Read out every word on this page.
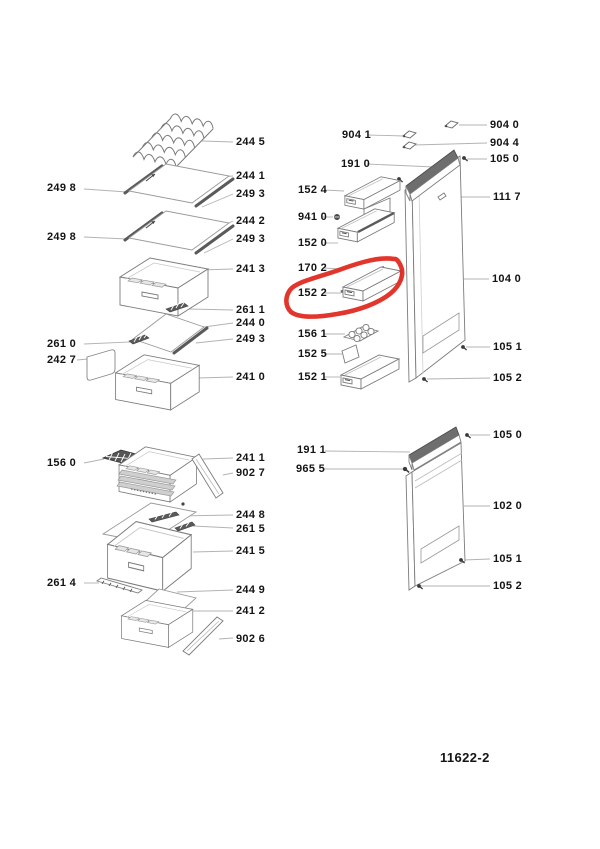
244 5
249 8
244 1
249 3
244 2
249 8	249 3
241 3
261 1
244 0
249 3
261 0
242 7
241 0
904 1
904 0
904 4
105 0
191 0
152 4
111 7
941 0
152 0
170 2
104 0
152 2
156 1
152 5
152 1
105 1
105 2
156 0	241 1
902 7
244 8
261 5
241 5
261 4
244 9
241 2
902 6
105 0
191 1
965 5
102 0
105 1
105 2
11622-2
